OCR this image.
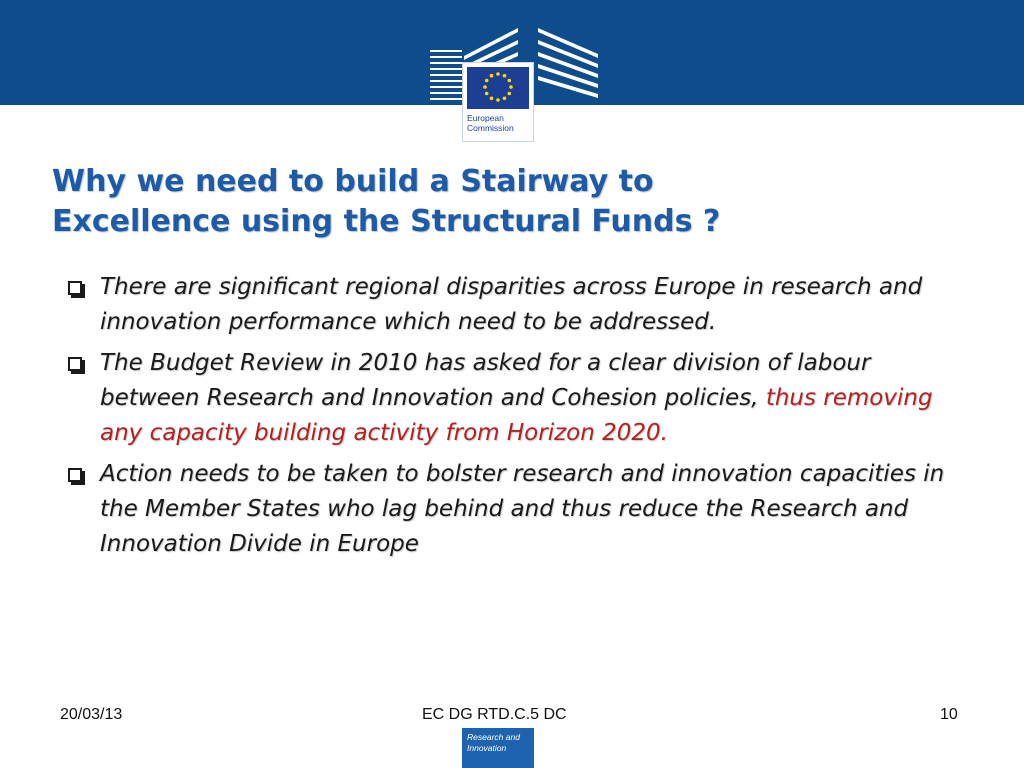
European
Commission
Why we need to build a Stairway to
Excellence using the Structural Funds ?
There are significant regional disparities across Europe in research and innovation performance which need to be addressed.
The Budget Review in 2010 has asked for a clear division of labour between Research and Innovation and Cohesion policies, thus removing any capacity building activity from Horizon 2020.
Action needs to be taken to bolster research and innovation capacities in the Member States who lag behind and thus reduce the Research and Innovation Divide in Europe
20/03/13	EC DG RTD.C.5 DC	10
Research and
Innovation
